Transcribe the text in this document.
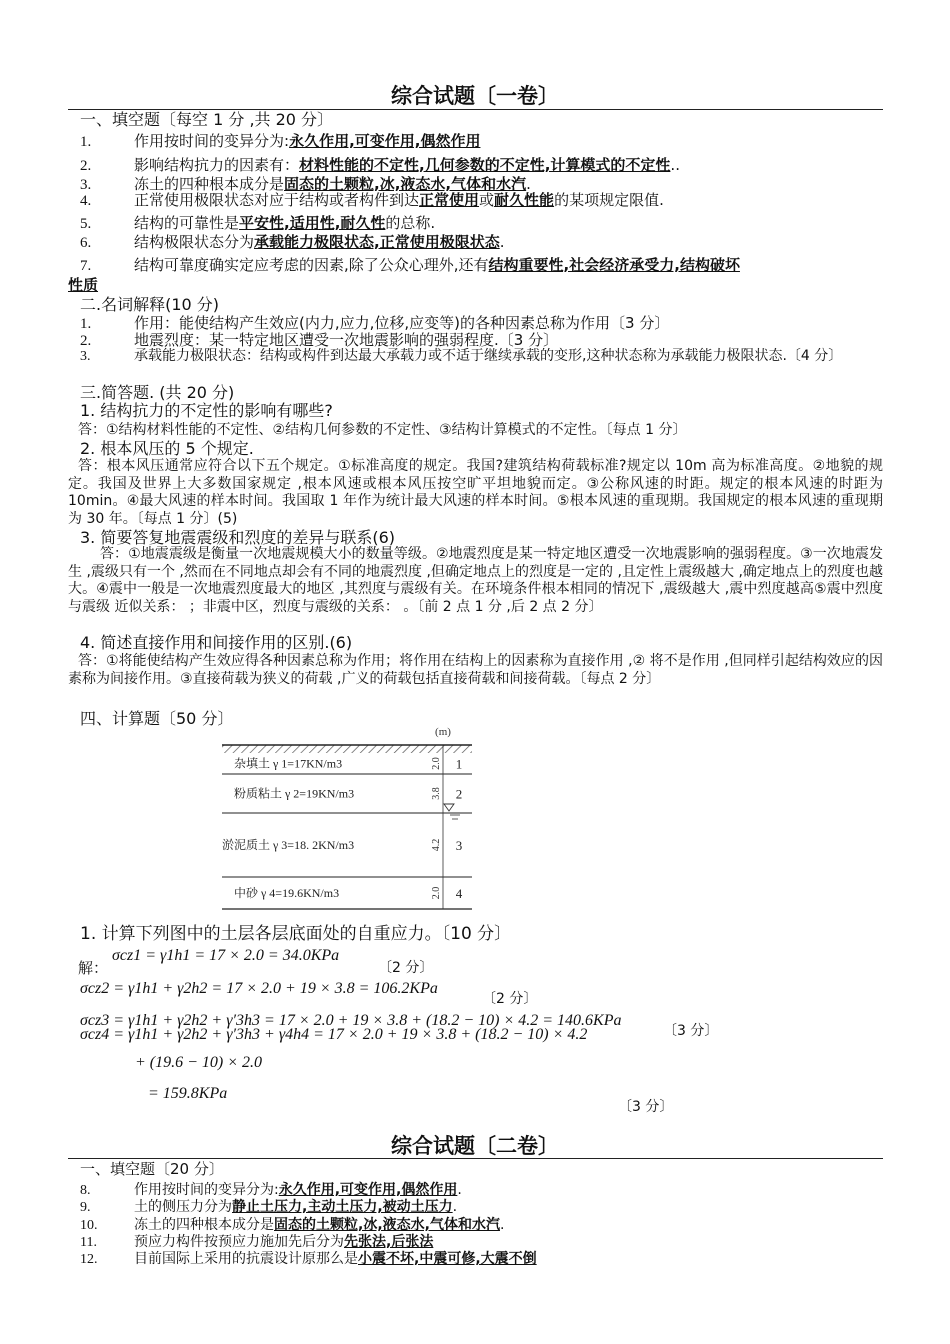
综合试题〔一卷〕
一、填空题〔每空 1 分 ,共 20 分〕
1.	作用按时间的变异分为:永久作用,可变作用,偶然作用
2.	影响结构抗力的因素有：材料性能的不定性,几何参数的不定性,计算模式的不定性..
3.	冻土的四种根本成分是固态的土颗粒,冰,液态水,气体和水汽.
4.	正常使用极限状态对应于结构或者构件到达正常使用或耐久性能的某项规定限值.
5.	结构的可靠性是平安性,适用性,耐久性的总称.
6.	结构极限状态分为承载能力极限状态,正常使用极限状态.
7.	结构可靠度确实定应考虑的因素,除了公众心理外,还有结构重要性,社会经济承受力,结构破坏
性质
二.名词解释(10 分)
1.	作用：能使结构产生效应(内力,应力,位移,应变等)的各种因素总称为作用〔3 分〕
2.	地震烈度：某一特定地区遭受一次地震影响的强弱程度.〔3 分〕
3.	承载能力极限状态：结构或构件到达最大承载力或不适于继续承载的变形,这种状态称为承载能力极限状态.〔4 分〕
三.简答题. (共 20 分)
1. 结构抗力的不定性的影响有哪些?
答：①结构材料性能的不定性、②结构几何参数的不定性、③结构计算模式的不定性。〔每点 1 分〕
2. 根本风压的 5 个规定.
答：根本风压通常应符合以下五个规定。①标准高度的规定。我国?建筑结构荷载标准?规定以 10m 高为标准高度。②地貌的规定。我国及世界上大多数国家规定 ,根本风速或根本风压按空旷平坦地貌而定。③公称风速的时距。规定的根本风速的时距为 10min。④最大风速的样本时间。我国取 1 年作为统计最大风速的样本时间。⑤根本风速的重现期。我国规定的根本风速的重现期为 30 年。〔每点 1 分〕(5)
3. 简要答复地震震级和烈度的差异与联系(6)
答：①地震震级是衡量一次地震规模大小的数量等级。②地震烈度是某一特定地区遭受一次地震影响的强弱程度。③一次地震发生 ,震级只有一个 ,然而在不同地点却会有不同的地震烈度 ,但确定地点上的烈度是一定的 ,且定性上震级越大 ,确定地点上的烈度也越大。④震中一般是一次地震烈度最大的地区 ,其烈度与震级有关。在环境条件根本相同的情况下 ,震级越大 ,震中烈度越高⑤震中烈度与震级 近似关系： ；非震中区，烈度与震级的关系： 。〔前 2 点 1 分 ,后 2 点 2 分〕
4. 简述直接作用和间接作用的区别.(6)
答：①将能使结构产生效应得各种因素总称为作用；将作用在结构上的因素称为直接作用 ,② 将不是作用 ,但同样引起结构效应的因素称为间接作用。③直接荷载为狭义的荷载 ,广义的荷载包括直接荷载和间接荷载。〔每点 2 分〕
四、计算题〔50 分〕
(m)
杂填土 γ 1=17KN/m3	2.0 1
粉质粘土 γ 2=19KN/m3	3.8 2
淤泥质土 γ 3=18. 2KN/m3	4.2 3
中砂 γ 4=19.6KN/m3	2.0 4
1. 计算下列图中的土层各层底面处的自重应力。〔10 分〕
解：
σcz1 = γ1h1 = 17 × 2.0 = 34.0KPa
〔2 分〕
σcz2 = γ1h1 + γ2h2 = 17 × 2.0 + 19 × 3.8 = 106.2KPa
〔2 分〕
σcz3 = γ1h1 + γ2h2 + γ′3h3 = 17 × 2.0 + 19 × 3.8 + (18.2 − 10) × 4.2 = 140.6KPa
〔3 分〕
σcz4 = γ1h1 + γ2h2 + γ′3h3 + γ4h4 = 17 × 2.0 + 19 × 3.8 + (18.2 − 10) × 4.2
+ (19.6 − 10) × 2.0
= 159.8KPa
〔3 分〕
综合试题〔二卷〕
一、填空题〔20 分〕
8.	作用按时间的变异分为:永久作用,可变作用,偶然作用.
9.	土的侧压力分为静止土压力,主动土压力,被动土压力.
10.	冻土的四种根本成分是固态的土颗粒,冰,液态水,气体和水汽.
11.	预应力构件按预应力施加先后分为先张法,后张法
12.	目前国际上采用的抗震设计原那么是小震不坏,中震可修,大震不倒
